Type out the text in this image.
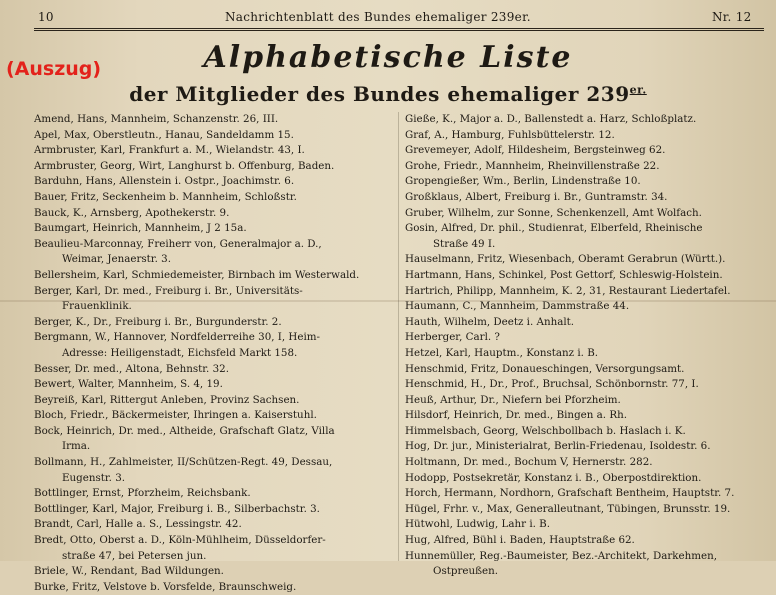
10	Nachrichtenblatt des Bundes ehemaliger 239er.	Nr. 12
(Auszug)	Alphabetische Liste
der Mitglieder des Bundes ehemaliger $239^{er.}$
Amend, Hans, Mannheim, Schanzenstr. 26, III.
Apel, Max, Oberstleutn., Hanau, Sandeldamm 15.
Armbruster, Karl, Frankfurt a. M., Wielandstr. 43, I.
Armbruster, Georg, Wirt, Langhurst b. Offenburg, Baden.
Barduhn, Hans, Allenstein i. Ostpr., Joachimstr. 6.
Bauer, Fritz, Seckenheim b. Mannheim, Schloßstr.
Bauck, K., Arnsberg, Apothekerstr. 9.
Baumgart, Heinrich, Mannheim, J 2 15a.
Beaulieu-Marconnay, Freiherr von, Generalmajor a. D.,

Weimar, Jenaerstr. 3.
Bellersheim, Karl, Schmiedemeister, Birnbach im Westerwald.
Berger, Karl, Dr. med., Freiburg i. Br., Universitäts-

Frauenklinik.
Berger, K., Dr., Freiburg i. Br., Burgunderstr. 2.
Bergmann, W., Hannover, Nordfelderreihe 30, I, Heim-

Adresse: Heiligenstadt, Eichsfeld Markt 158.
Besser, Dr. med., Altona, Behnstr. 32.
Bewert, Walter, Mannheim, S. 4, 19.
Beyreiß, Karl, Rittergut Anleben, Provinz Sachsen.
Bloch, Friedr., Bäckermeister, Ihringen a. Kaiserstuhl.
Bock, Heinrich, Dr. med., Altheide, Grafschaft Glatz, Villa

Irma.
Bollmann, H., Zahlmeister, II/Schützen-Regt. 49, Dessau,

Eugenstr. 3.
Bottlinger, Ernst, Pforzheim, Reichsbank.
Bottlinger, Karl, Major, Freiburg i. B., Silberbachstr. 3.
Brandt, Carl, Halle a. S., Lessingstr. 42.
Bredt, Otto, Oberst a. D., Köln-Mühlheim, Düsseldorfer-

straße 47, bei Petersen jun.
Briele, W., Rendant, Bad Wildungen.
Burke, Fritz, Velstove b. Vorsfelde, Braunschweig.
Gieße, K., Major a. D., Ballenstedt a. Harz, Schloßplatz.
Graf, A., Hamburg, Fuhlsbüttelerstr. 12.
Grevemeyer, Adolf, Hildesheim, Bergsteinweg 62.
Grohe, Friedr., Mannheim, Rheinvillenstraße 22.
Gropengießer, Wm., Berlin, Lindenstraße 10.
Großklaus, Albert, Freiburg i. Br., Guntramstr. 34.
Gruber, Wilhelm, zur Sonne, Schenkenzell, Amt Wolfach.
Gosin, Alfred, Dr. phil., Studienrat, Elberfeld, Rheinische

Straße 49 I.
Hauselmann, Fritz, Wiesenbach, Oberamt Gerabrun (Württ.).
Hartmann, Hans, Schinkel, Post Gettorf, Schleswig-Holstein.
Hartrich, Philipp, Mannheim, K. 2, 31, Restaurant Liedertafel.
Haumann, C., Mannheim, Dammstraße 44.
Hauth, Wilhelm, Deetz i. Anhalt.
Herberger, Carl. ?
Hetzel, Karl, Hauptm., Konstanz i. B.
Henschmid, Fritz, Donaueschingen, Versorgungsamt.
Henschmid, H., Dr., Prof., Bruchsal, Schönbornstr. 77, I.
Heuß, Arthur, Dr., Niefern bei Pforzheim.
Hilsdorf, Heinrich, Dr. med., Bingen a. Rh.
Himmelsbach, Georg, Welschbollbach b. Haslach i. K.
Hog, Dr. jur., Ministerialrat, Berlin-Friedenau, Isoldestr. 6.
Holtmann, Dr. med., Bochum V, Hernerstr. 282.
Hodopp, Postsekretär, Konstanz i. B., Oberpostdirektion.
Horch, Hermann, Nordhorn, Grafschaft Bentheim, Hauptstr. 7.
Hügel, Frhr. v., Max, Generalleutnant, Tübingen, Brunsstr. 19.
Hütwohl, Ludwig, Lahr i. B.
Hug, Alfred, Bühl i. Baden, Hauptstraße 62.
Hunnemüller, Reg.-Baumeister, Bez.-Architekt, Darkehmen,

Ostpreußen.
